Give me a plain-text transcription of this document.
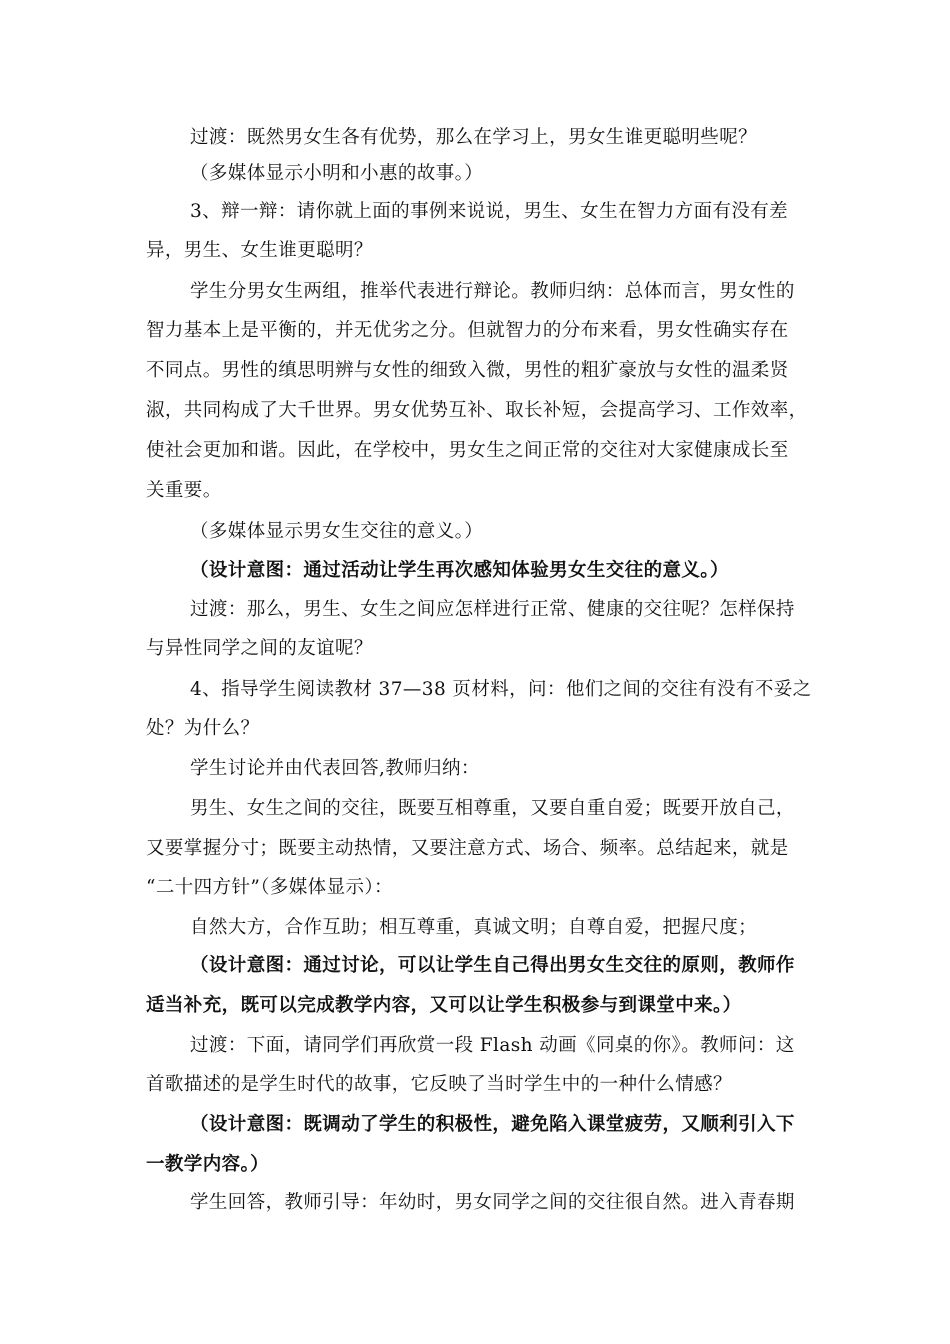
过渡：既然男女生各有优势，那么在学习上，男女生谁更聪明些呢？
（多媒体显示小明和小惠的故事。）
3、辩一辩：请你就上面的事例来说说，男生、女生在智力方面有没有差
异，男生、女生谁更聪明？
学生分男女生两组，推举代表进行辩论。教师归纳：总体而言，男女性的
智力基本上是平衡的，并无优劣之分。但就智力的分布来看，男女性确实存在
不同点。男性的缜思明辨与女性的细致入微，男性的粗犷豪放与女性的温柔贤
淑，共同构成了大千世界。男女优势互补、取长补短，会提高学习、工作效率，
使社会更加和谐。因此，在学校中，男女生之间正常的交往对大家健康成长至
关重要。
（多媒体显示男女生交往的意义。）
（设计意图：通过活动让学生再次感知体验男女生交往的意义。）
过渡：那么，男生、女生之间应怎样进行正常、健康的交往呢？怎样保持
与异性同学之间的友谊呢？
4、指导学生阅读教材 37—38 页材料，问：他们之间的交往有没有不妥之
处？为什么？
学生讨论并由代表回答,教师归纳：
男生、女生之间的交往，既要互相尊重，又要自重自爱；既要开放自己，
又要掌握分寸；既要主动热情，又要注意方式、场合、频率。总结起来，就是
“二十四方针”（多媒体显示）：
自然大方，合作互助；相互尊重，真诚文明；自尊自爱，把握尺度；
（设计意图：通过讨论，可以让学生自己得出男女生交往的原则，教师作
适当补充，既可以完成教学内容，又可以让学生积极参与到课堂中来。）
过渡：下面，请同学们再欣赏一段 Flash 动画《同桌的你》。教师问：这
首歌描述的是学生时代的故事，它反映了当时学生中的一种什么情感？
（设计意图：既调动了学生的积极性，避免陷入课堂疲劳，又顺利引入下
一教学内容。）
学生回答，教师引导：年幼时，男女同学之间的交往很自然。进入青春期
